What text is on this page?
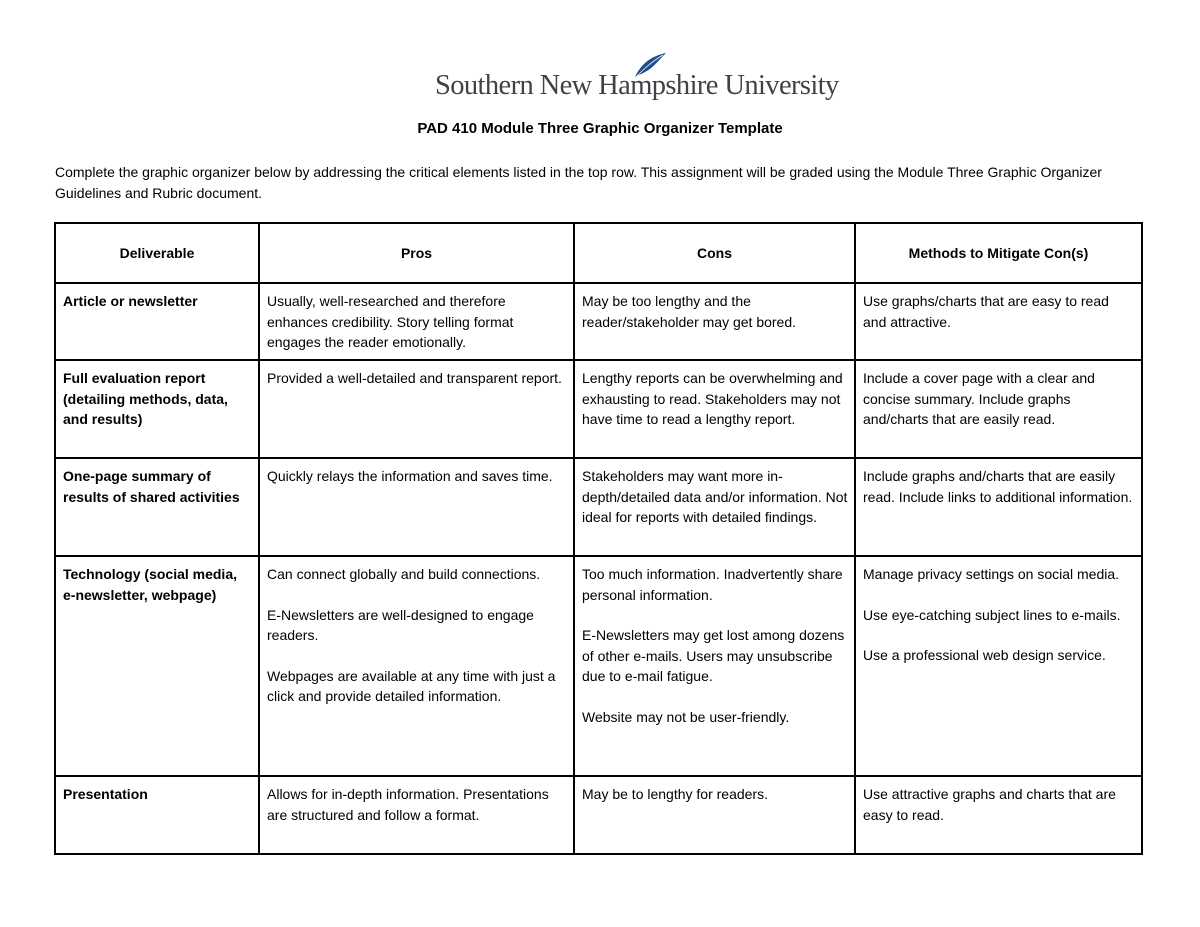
Southern New Hampshire University
PAD 410 Module Three Graphic Organizer Template

Complete the graphic organizer below by addressing the critical elements listed in the top row. This assignment will be graded using the Module Three Graphic Organizer Guidelines and Rubric document.

Deliverable	Pros	Cons	Methods to Mitigate Con(s)
Article or newsletter	Usually, well-researched and therefore enhances credibility. Story telling format engages the reader emotionally.	May be too lengthy and the reader/stakeholder may get bored.	Use graphs/charts that are easy to read and attractive.

Full evaluation report (detailing methods, data, and results)	Provided a well-detailed and transparent report.	Lengthy reports can be overwhelming and exhausting to read. Stakeholders may not have time to read a lengthy report.	Include a cover page with a clear and concise summary. Include graphs and/charts that are easily read.

One-page summary of results of shared activities	Quickly relays the information and saves time.	Stakeholders may want more in-depth/detailed data and/or information. Not ideal for reports with detailed findings.	Include graphs and/charts that are easily read. Include links to additional information.

Technology (social media, e-newsletter, webpage)	Can connect globally and build connections.
E-Newsletters are well-designed to engage readers.
Webpages are available at any time with just a click and provide detailed information.	Too much information. Inadvertently share personal information.
E-Newsletters may get lost among dozens of other e-mails. Users may unsubscribe due to e-mail fatigue.
Website may not be user-friendly.	Manage privacy settings on social media.
Use eye-catching subject lines to e-mails.
Use a professional web design service.

Presentation	Allows for in-depth information. Presentations are structured and follow a format.	May be to lengthy for readers.	Use attractive graphs and charts that are easy to read.
